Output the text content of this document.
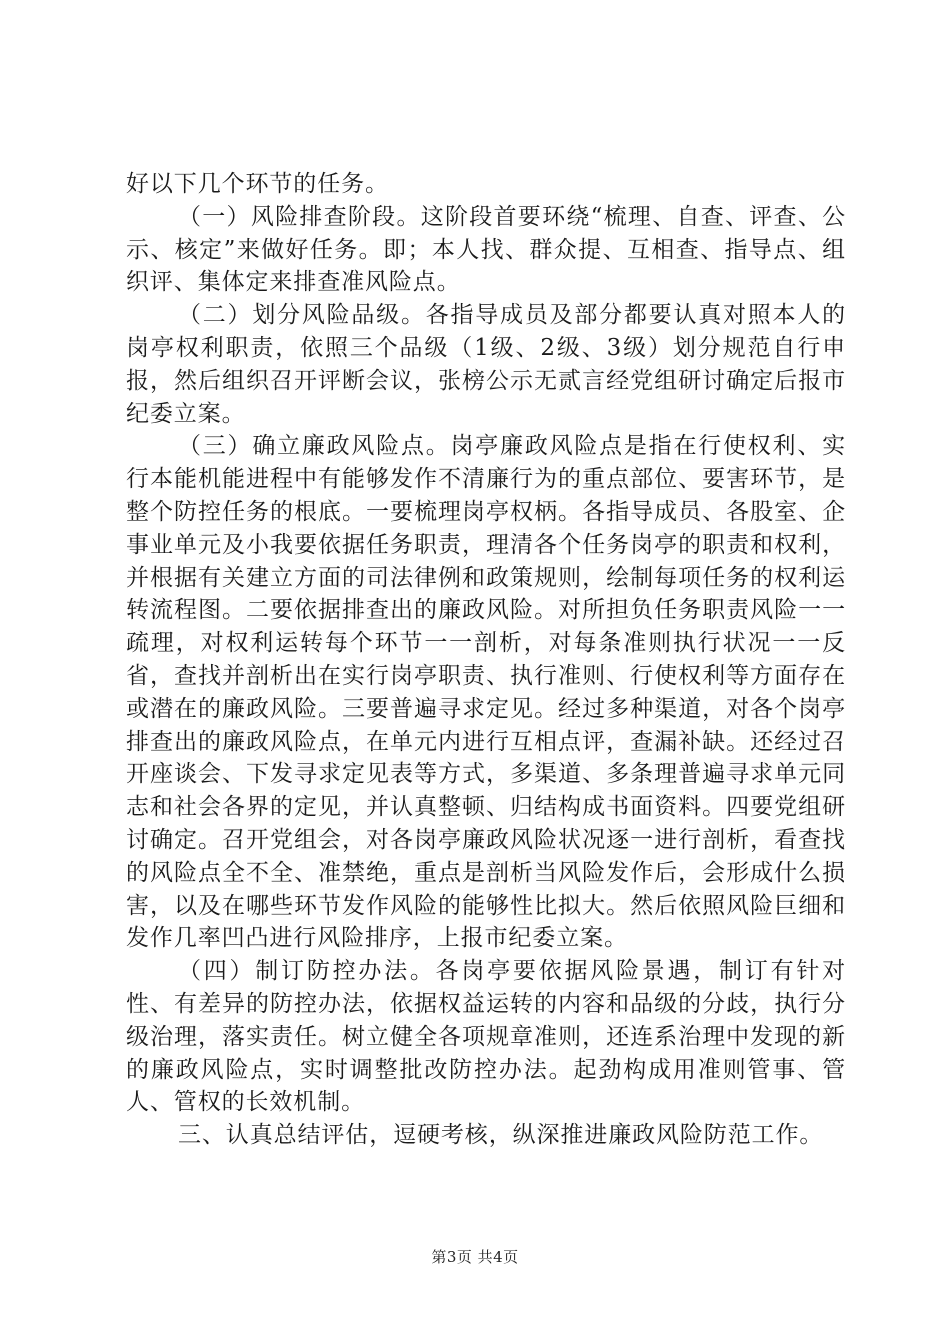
好以下几个环节的任务。

（一）风险排查阶段。这阶段首要环绕“梳理、自查、评查、公示、核定”来做好任务。即；本人找、群众提、互相查、指导点、组织评、集体定来排查准风险点。

（二）划分风险品级。各指导成员及部分都要认真对照本人的岗亭权利职责，依照三个品级（1级、2级、3级）划分规范自行申报，然后组织召开评断会议，张榜公示无贰言经党组研讨确定后报市纪委立案。

（三）确立廉政风险点。岗亭廉政风险点是指在行使权利、实行本能机能进程中有能够发作不清廉行为的重点部位、要害环节，是整个防控任务的根底。一要梳理岗亭权柄。各指导成员、各股室、企事业单元及小我要依据任务职责，理清各个任务岗亭的职责和权利，并根据有关建立方面的司法律例和政策规则，绘制每项任务的权利运转流程图。二要依据排查出的廉政风险。对所担负任务职责风险一一疏理，对权利运转每个环节一一剖析，对每条准则执行状况一一反省，查找并剖析出在实行岗亭职责、执行准则、行使权利等方面存在或潜在的廉政风险。三要普遍寻求定见。经过多种渠道，对各个岗亭排查出的廉政风险点，在单元内进行互相点评，查漏补缺。还经过召开座谈会、下发寻求定见表等方式，多渠道、多条理普遍寻求单元同志和社会各界的定见，并认真整顿、归结构成书面资料。四要党组研讨确定。召开党组会，对各岗亭廉政风险状况逐一进行剖析，看查找的风险点全不全、准禁绝，重点是剖析当风险发作后，会形成什么损害，以及在哪些环节发作风险的能够性比拟大。然后依照风险巨细和发作几率凹凸进行风险排序，上报市纪委立案。

（四）制订防控办法。各岗亭要依据风险景遇，制订有针对性、有差异的防控办法，依据权益运转的内容和品级的分歧，执行分级治理，落实责任。树立健全各项规章准则，还连系治理中发现的新的廉政风险点，实时调整批改防控办法。起劲构成用准则管事、管人、管权的长效机制。

三、认真总结评估，逗硬考核，纵深推进廉政风险防范工作。

第3页 共4页
